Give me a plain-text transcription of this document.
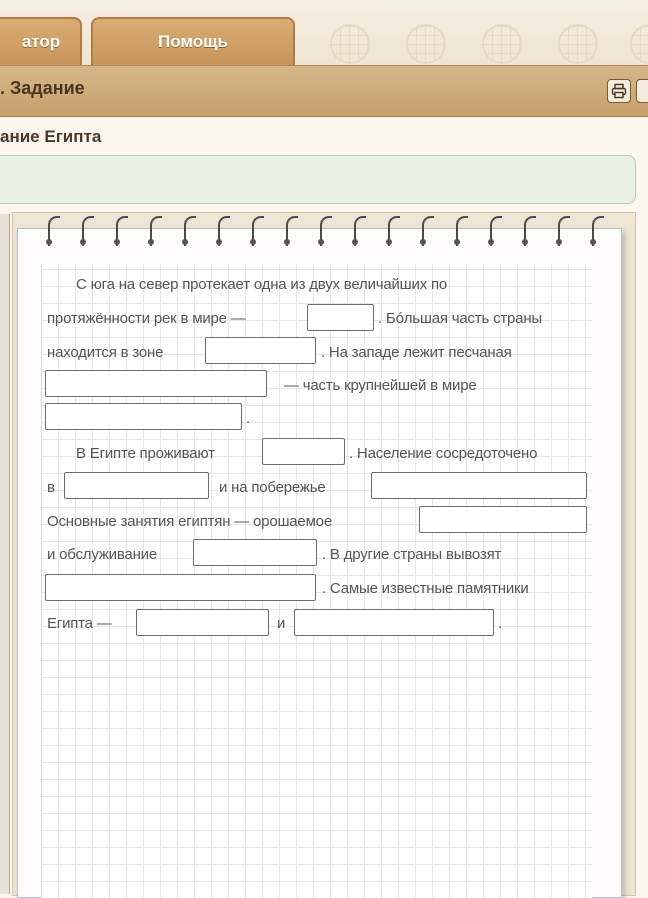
атор	Помощь
. Задание
ание Египта
С юга на север протекает одна из двух величайших по
протяжённости рек в мире —	. Бóльшая часть страны
находится в зоне	. На западе лежит песчаная
— часть крупнейшей в мире
.
В Египте проживают	. Население сосредоточено
в	и на побережье
Основные занятия египтян — орошаемое
и обслуживание	. В другие страны вывозят
. Самые известные памятники
Египта —	и	.
